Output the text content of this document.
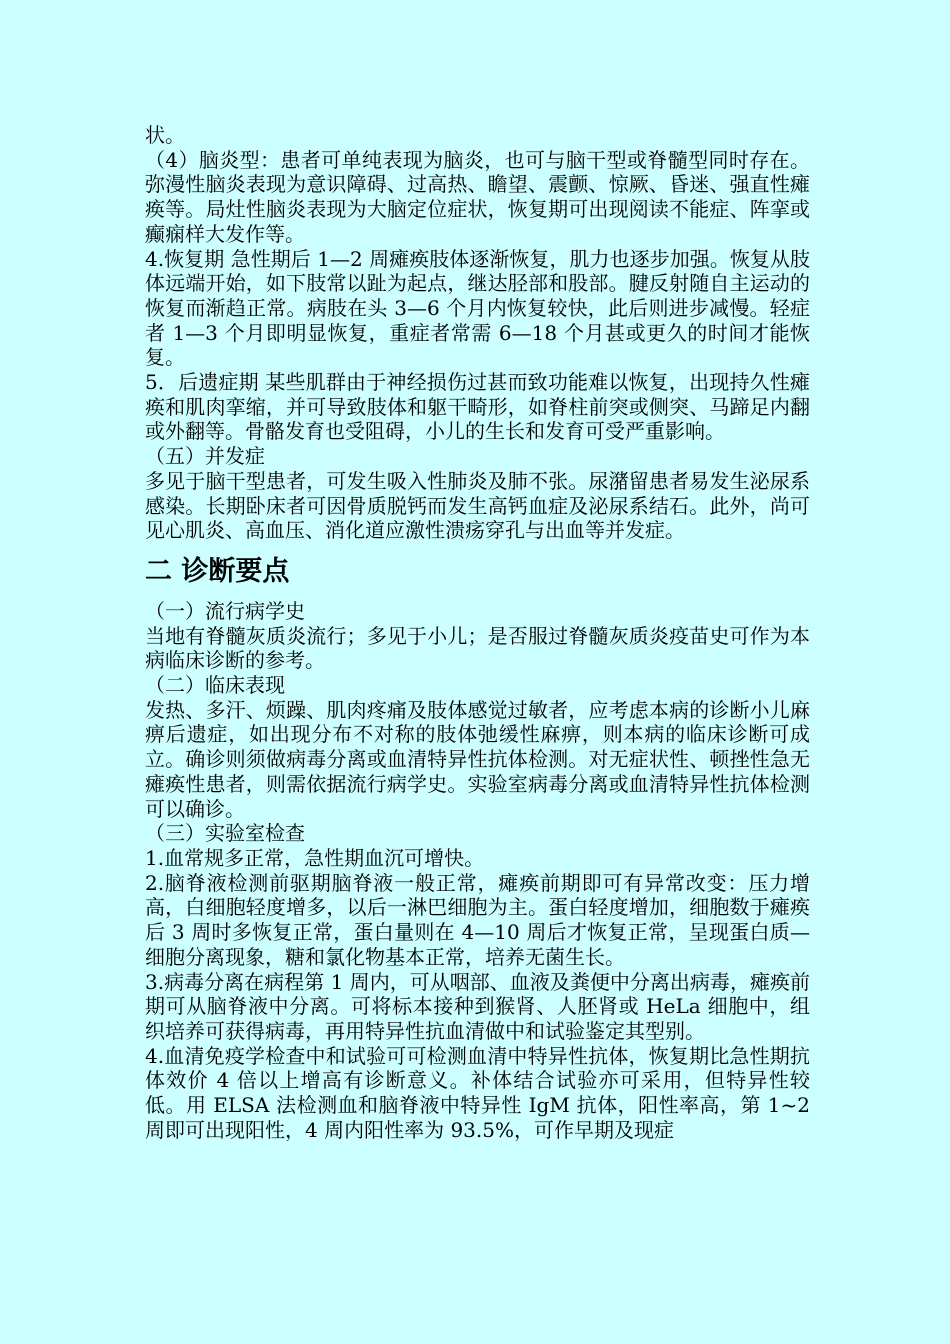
状。

（4）脑炎型：患者可单纯表现为脑炎，也可与脑干型或脊髓型同时存在。弥漫性脑炎表现为意识障碍、过高热、瞻望、震颤、惊厥、昏迷、强直性瘫痪等。局灶性脑炎表现为大脑定位症状，恢复期可出现阅读不能症、阵挛或癫痫样大发作等。

4.恢复期 急性期后 1—2 周瘫痪肢体逐渐恢复，肌力也逐步加强。恢复从肢体远端开始，如下肢常以趾为起点，继达胫部和股部。腱反射随自主运动的恢复而渐趋正常。病肢在头 3—6 个月内恢复较快，此后则进步减慢。轻症者 1—3 个月即明显恢复，重症者常需 6—18 个月甚或更久的时间才能恢复。

5．后遗症期 某些肌群由于神经损伤过甚而致功能难以恢复，出现持久性瘫痪和肌肉挛缩，并可导致肢体和躯干畸形，如脊柱前突或侧突、马蹄足内翻或外翻等。骨骼发育也受阻碍，小儿的生长和发育可受严重影响。

（五）并发症

多见于脑干型患者，可发生吸入性肺炎及肺不张。尿潴留患者易发生泌尿系感染。长期卧床者可因骨质脱钙而发生高钙血症及泌尿系结石。此外，尚可见心肌炎、高血压、消化道应激性溃疡穿孔与出血等并发症。

二 诊断要点

（一）流行病学史

当地有脊髓灰质炎流行；多见于小儿；是否服过脊髓灰质炎疫苗史可作为本病临床诊断的参考。

（二）临床表现

发热、多汗、烦躁、肌肉疼痛及肢体感觉过敏者，应考虑本病的诊断小儿麻痹后遗症，如出现分布不对称的肢体弛缓性麻痹，则本病的临床诊断可成立。确诊则须做病毒分离或血清特异性抗体检测。对无症状性、顿挫性急无瘫痪性患者，则需依据流行病学史。实验室病毒分离或血清特异性抗体检测可以确诊。

（三）实验室检查

1.血常规多正常，急性期血沉可增快。

2.脑脊液检测前驱期脑脊液一般正常，瘫痪前期即可有异常改变：压力增高，白细胞轻度增多，以后一淋巴细胞为主。蛋白轻度增加，细胞数于瘫痪后 3 周时多恢复正常，蛋白量则在 4—10 周后才恢复正常，呈现蛋白质—细胞分离现象，糖和氯化物基本正常，培养无菌生长。

3.病毒分离在病程第 1 周内，可从咽部、血液及粪便中分离出病毒，瘫痪前期可从脑脊液中分离。可将标本接种到猴肾、人胚肾或 HeLa 细胞中，组织培养可获得病毒，再用特异性抗血清做中和试验鉴定其型别。

4.血清免疫学检查中和试验可可检测血清中特异性抗体，恢复期比急性期抗体效价 4 倍以上增高有诊断意义。补体结合试验亦可采用，但特异性较低。用 ELSA 法检测血和脑脊液中特异性 IgM 抗体，阳性率高，第 1~2 周即可出现阳性，4 周内阳性率为 93.5%，可作早期及现症
